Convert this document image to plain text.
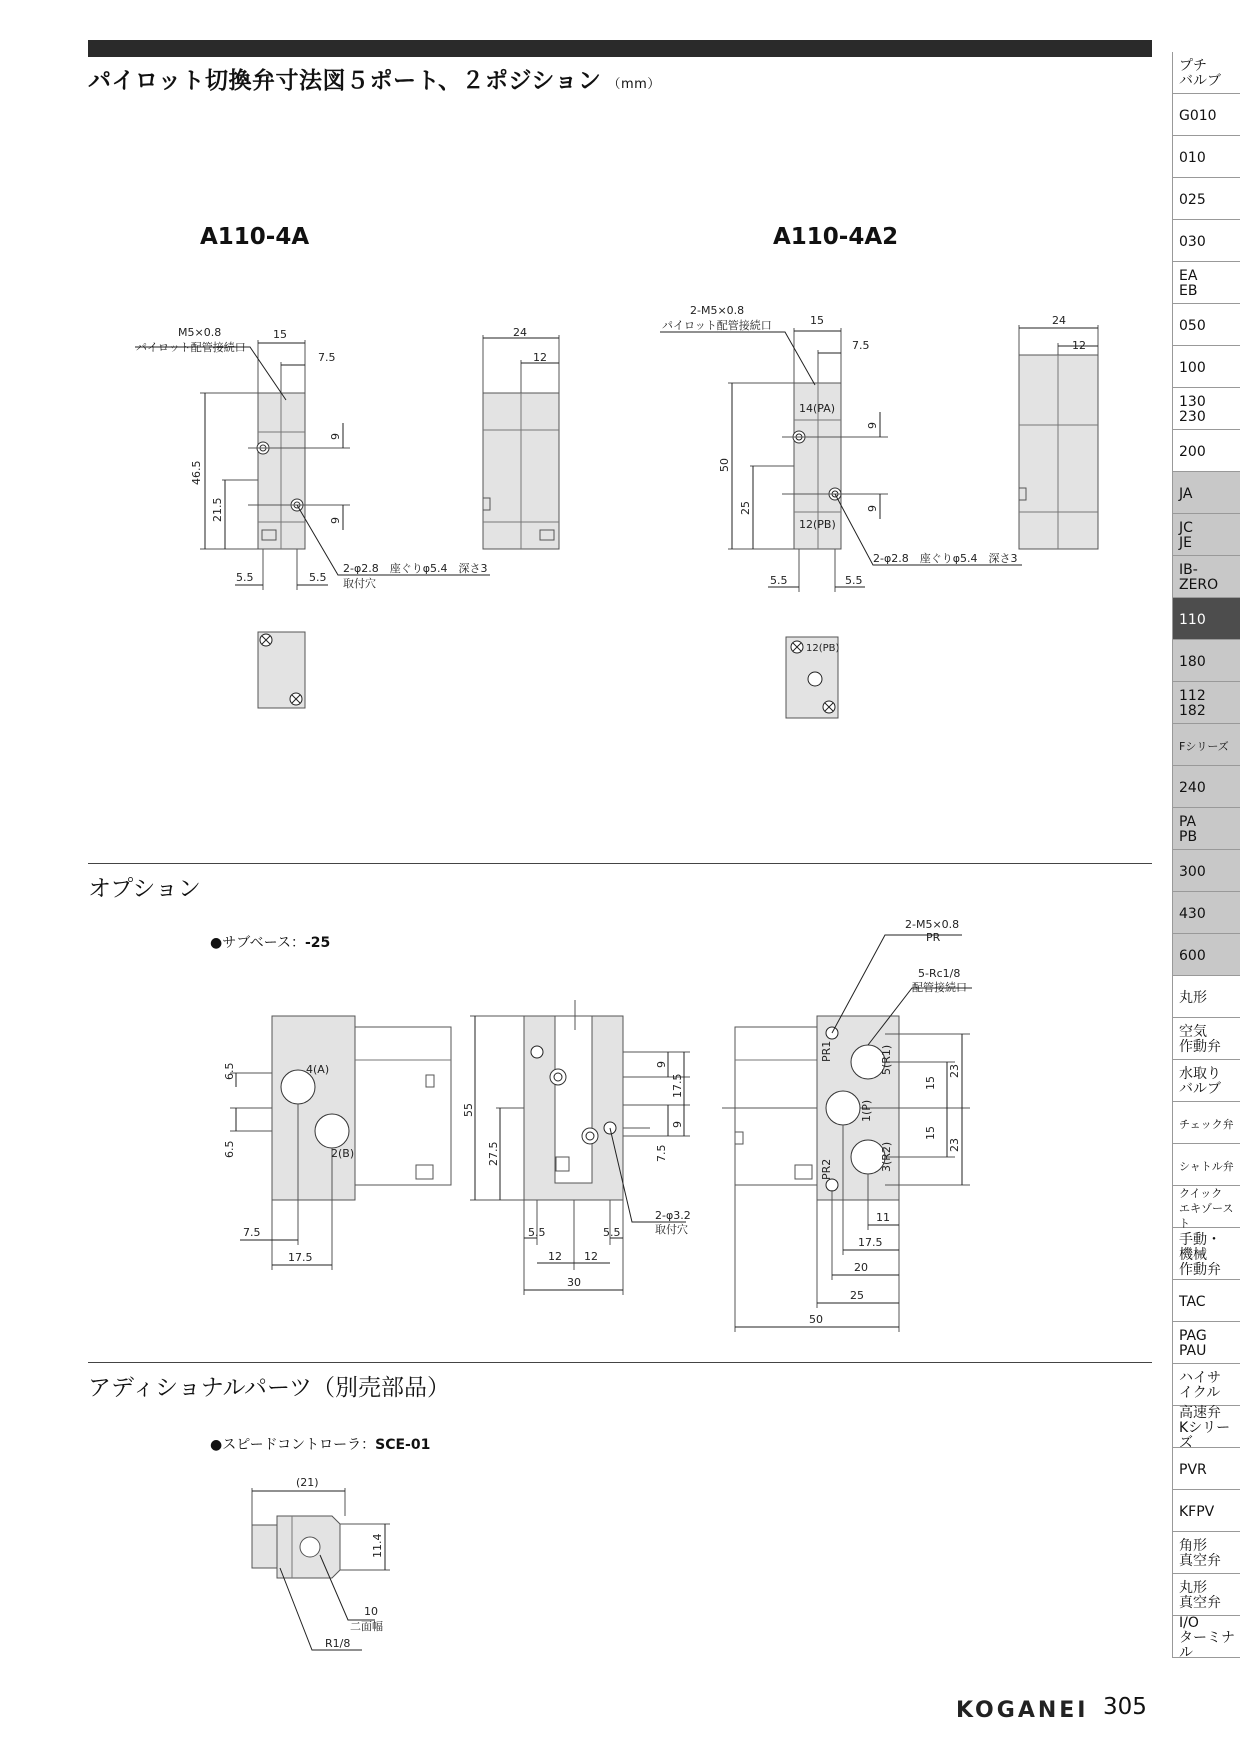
パイロット切換弁寸法図５ポート、２ポジション （mm）
A110-4A	A110-4A2
オプション
●サブベース：-25
アディショナルパーツ（別売部品）
●スピードコントローラ：SCE-01
M5×0.8
パイロット配管接続口
15
7.5
24
12
46.5
21.5
9
9
5.5	5.5
2-φ2.8　座ぐりφ5.4　深さ3
取付穴
2-M5×0.8
パイロット配管接続口	15
7.5
24
12
14(PA)
12(PB)
50
25
9
9
5.5	5.5
2-φ2.8　座ぐりφ5.4　深さ3
12(PB)
4(A)
2(B)
6.5
6.5
7.5
17.5
55
27.5
9
17.5
9
7.5
5.5	5.5
12 12
30
2-φ3.2
取付穴
2-M5×0.8
PR
5-Rc1/8
配管接続口
PR1
PR2
5(R1)
1(P)
3(R2)
15
15
23
23
11
17.5
20
25
50
(21)
11.4
10
二面幅
R1/8
プチ
バルブ
G010
010
025
030
EA
EB
050
100
130
230
200
JA
JC
JE
IB-
ZERO
110
180
112
182
Fシリーズ
240
PA
PB
300
430
600
丸形
空気
作動弁
水取り
バルブ
チェック弁
シャトル弁
クイック
エキゾースト
手動・
機械
作動弁
TAC
PAG
PAU
ハイサ
イクル
高速弁
Kシリーズ
PVR
KFPV
角形
真空弁
丸形
真空弁
I/O
ターミナル
KOGANEI 305
